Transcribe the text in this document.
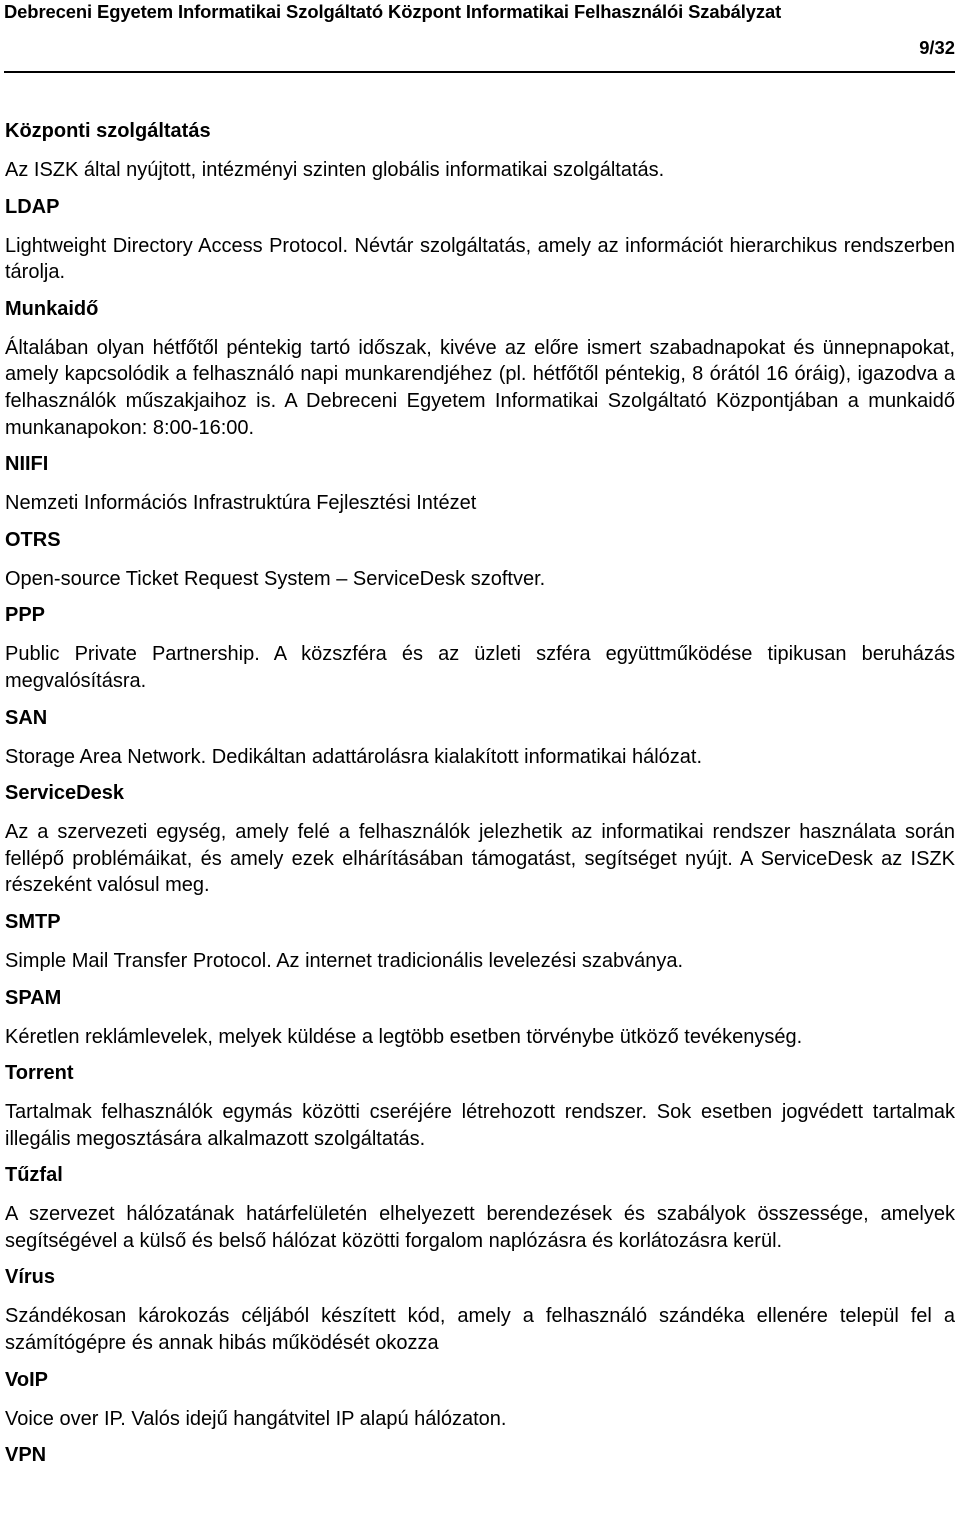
Debreceni Egyetem Informatikai Szolgáltató Központ Informatikai Felhasználói Szabályzat
9/32
Központi szolgáltatás
Az ISZK által nyújtott, intézményi szinten globális informatikai szolgáltatás.
LDAP
Lightweight Directory Access Protocol. Névtár szolgáltatás, amely az információt hierarchikus rendszerben tárolja.
Munkaidő
Általában olyan hétfőtől péntekig tartó időszak, kivéve az előre ismert szabadnapokat és ünnepnapokat, amely kapcsolódik a felhasználó napi munkarendjéhez (pl. hétfőtől péntekig, 8 órától 16 óráig), igazodva a felhasználók műszakjaihoz is. A Debreceni Egyetem Informatikai Szolgáltató Központjában a munkaidő munkanapokon: 8:00-16:00.
NIIFI
Nemzeti Információs Infrastruktúra Fejlesztési Intézet
OTRS
Open-source Ticket Request System – ServiceDesk szoftver.
PPP
Public Private Partnership. A közszféra és az üzleti szféra együttműködése tipikusan beruházás megvalósításra.
SAN
Storage Area Network. Dedikáltan adattárolásra kialakított informatikai hálózat.
ServiceDesk
Az a szervezeti egység, amely felé a felhasználók jelezhetik az informatikai rendszer használata során fellépő problémáikat, és amely ezek elhárításában támogatást, segítséget nyújt. A ServiceDesk az ISZK részeként valósul meg.
SMTP
Simple Mail Transfer Protocol. Az internet tradicionális levelezési szabványa.
SPAM
Kéretlen reklámlevelek, melyek küldése a legtöbb esetben törvénybe ütköző tevékenység.
Torrent
Tartalmak felhasználók egymás közötti cseréjére létrehozott rendszer. Sok esetben jogvédett tartalmak illegális megosztására alkalmazott szolgáltatás.
Tűzfal
A szervezet hálózatának határfelületén elhelyezett berendezések és szabályok összessége, amelyek segítségével a külső és belső hálózat közötti forgalom naplózásra és korlátozásra kerül.
Vírus
Szándékosan károkozás céljából készített kód, amely a felhasználó szándéka ellenére települ fel a számítógépre és annak hibás működését okozza
VoIP
Voice over IP. Valós idejű hangátvitel IP alapú hálózaton.
VPN
